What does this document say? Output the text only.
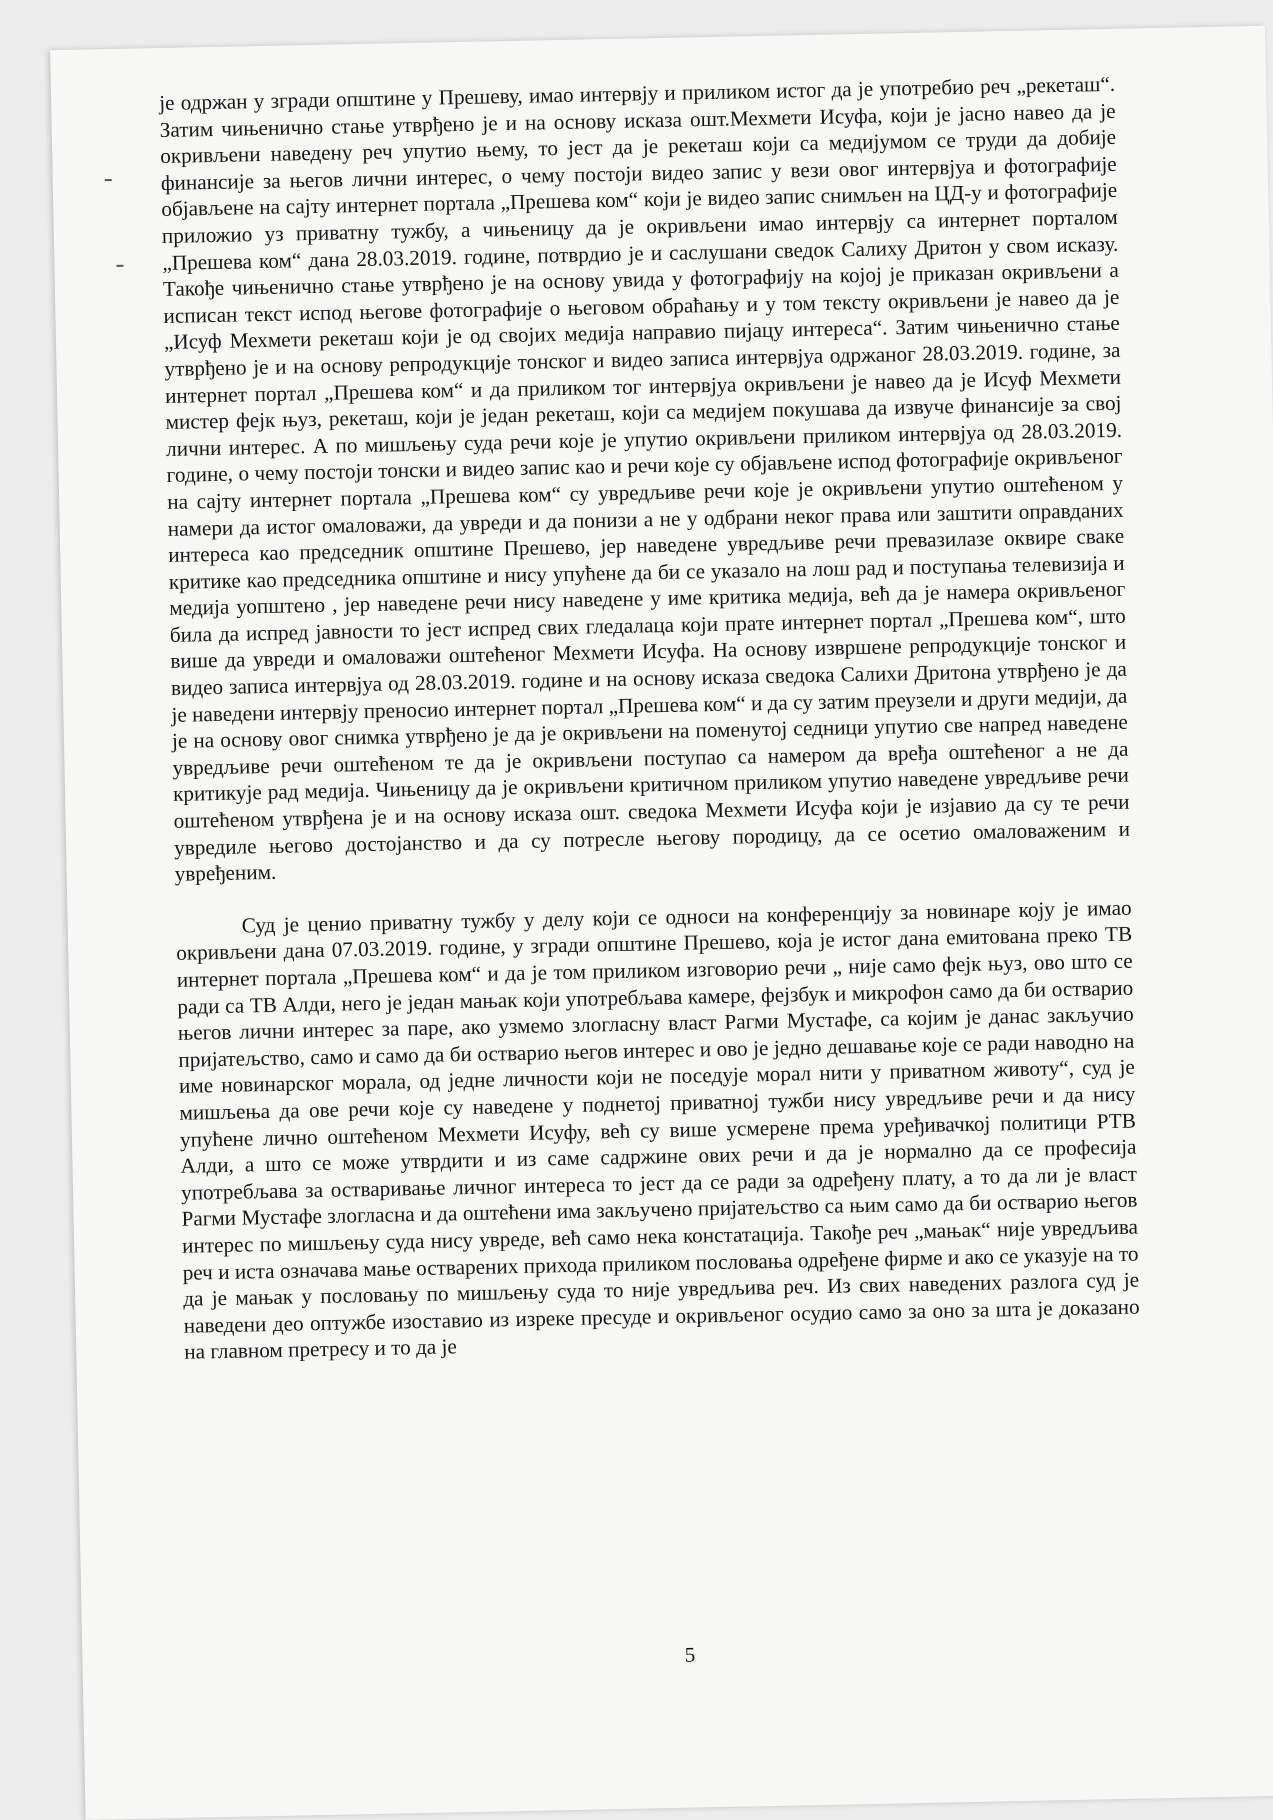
је одржан у згради општине у Прешеву, имао интервју и приликом истог да је употребио реч „рекеташ“. Затим чињенично стање утврђено је и на основу исказа ошт.Мехмети Исуфа, који је јасно навео да је окривљени наведену реч упутио њему, то јест да је рекеташ који са медијумом се труди да добије финансије за његов лични интерес, о чему постоји видео запис у вези овог интервјуа и фотографије објављене на сајту интернет портала „Прешева ком“ који је видео запис снимљен на ЦД-у и фотографије приложио уз приватну тужбу, а чињеницу да је окривљени имао интервју са интернет порталом „Прешева ком“ дана 28.03.2019. године, потврдио је и саслушани сведок Салиху Дритон у свом исказу. Такође чињенично стање утврђено је на основу увида у фотографију на којој је приказан окривљени а исписан текст испод његове фотографије о његовом обраћању и у том тексту окривљени је навео да је „Исуф Мехмети рекеташ који је од својих медија направио пијацу интереса“. Затим чињенично стање утврђено је и на основу репродукције тонског и видео записа интервјуа одржаног 28.03.2019. године, за интернет портал „Прешева ком“ и да приликом тог интервјуа окривљени је навео да је Исуф Мехмети мистер фејк њуз, рекеташ, који је један рекеташ, који са медијем покушава да извуче финансије за свој лични интерес. А по мишљењу суда речи које је упутио окривљени приликом интервјуа од 28.03.2019. године, о чему постоји тонски и видео запис као и речи које су објављене испод фотографије окривљеног на сајту интернет портала „Прешева ком“ су увредљиве речи које је окривљени упутио оштећеном у намери да истог омаловажи, да увреди и да понизи а не у одбрани неког права или заштити оправданих интереса као председник општине Прешево, јер наведене увредљиве речи превазилазе оквире сваке критике као председника општине и нису упућене да би се указало на лош рад и поступања телевизија и медија уопштено , јер наведене речи нису наведене у име критика медија, већ да је намера окривљеног била да испред јавности то јест испред свих гледалаца који прате интернет портал „Прешева ком“, што више да увреди и омаловажи оштећеног Мехмети Исуфа. На основу извршене репродукције тонског и видео записа интервјуа од 28.03.2019. године и на основу исказа сведока Салихи Дритона утврђено је да је наведени интервју преносио интернет портал „Прешева ком“ и да су затим преузели и други медији, да је на основу овог снимка утврђено је да је окривљени на поменутој седници упутио све напред наведене увредљиве речи оштећеном те да је окривљени поступао са намером да вређа оштећеног а не да критикује рад медија. Чињеницу да је окривљени критичном приликом упутио наведене увредљиве речи оштећеном утврђена је и на основу исказа ошт. сведока Мехмети Исуфа који је изјавио да су те речи увредиле његово достојанство и да су потресле његову породицу, да се осетио омаловаженим и увређеним.

Суд је ценио приватну тужбу у делу који се односи на конференцију за новинаре коју је имао окривљени дана 07.03.2019. године, у згради општине Прешево, која је истог дана емитована преко ТВ интернет портала „Прешева ком“ и да је том приликом изговорио речи „ није само фејк њуз, ово што се ради са ТВ Алди, него је један мањак који употребљава камере, фејзбук и микрофон само да би остварио његов лични интерес за паре, ако узмемо злогласну власт Рагми Мустафе, са којим је данас закључио пријатељство, само и само да би остварио његов интерес и ово је једно дешавање које се ради наводно на име новинарског морала, од једне личности који не поседује морал нити у приватном животу“, суд је мишљења да ове речи које су наведене у поднетој приватној тужби нису увредљиве речи и да нису упућене лично оштећеном Мехмети Исуфу, већ су више усмерене према уређивачкој политици РТВ Алди, а што се може утврдити и из саме садржине ових речи и да је нормално да се професија употребљава за остваривање личног интереса то јест да се ради за одређену плату, а то да ли је власт Рагми Мустафе злогласна и да оштећени има закључено пријатељство са њим само да би остварио његов интерес по мишљењу суда нису увреде, већ само нека констатација. Такође реч „мањак“ није увредљива реч и иста означава мање остварених прихода приликом пословања одређене фирме и ако се указује на то да је мањак у пословању по мишљењу суда то није увредљива реч. Из свих наведених разлога суд је наведени део оптужбе изоставио из изреке пресуде и окривљеног осудио само за оно за шта је доказано на главном претресу и то да је

5
